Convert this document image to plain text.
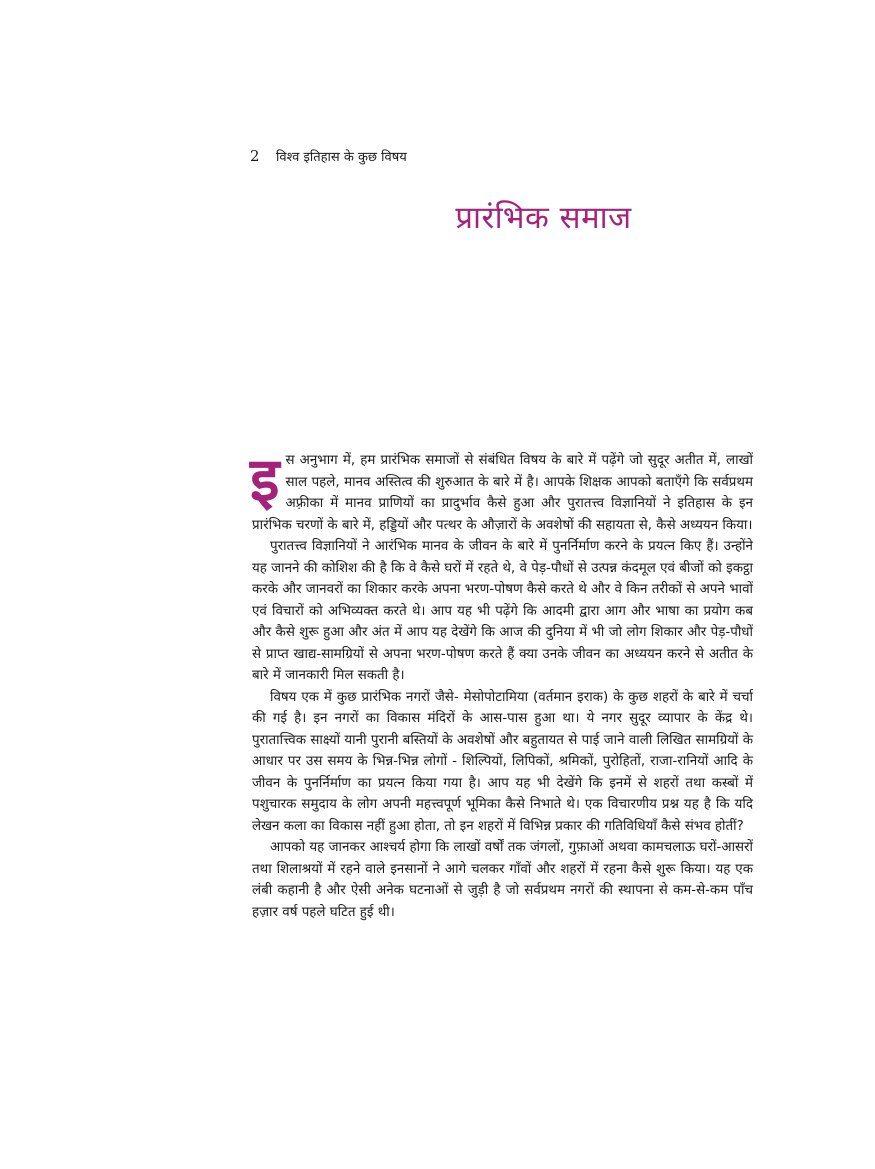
2 विश्व इतिहास के कुछ विषय
प्रारंभिक समाज

इस अनुभाग में, हम प्रारंभिक समाजों से संबंधित विषय के बारे में पढ़ेंगे जो सुदूर अतीत में, लाखों साल पहले, मानव अस्तित्व की शुरुआत के बारे में है। आपके शिक्षक आपको बताएँगे कि सर्वप्रथम अफ़्रीका में मानव प्राणियों का प्रादुर्भाव कैसे हुआ और पुरातत्त्व विज्ञानियों ने इतिहास के इन प्रारंभिक चरणों के बारे में, हड्डियों और पत्थर के औज़ारों के अवशेषों की सहायता से, कैसे अध्ययन किया।

पुरातत्त्व विज्ञानियों ने आरंभिक मानव के जीवन के बारे में पुनर्निर्माण करने के प्रयत्न किए हैं। उन्होंने यह जानने की कोशिश की है कि वे कैसे घरों में रहते थे, वे पेड़-पौधों से उत्पन्न कंदमूल एवं बीजों को इकट्ठा करके और जानवरों का शिकार करके अपना भरण-पोषण कैसे करते थे और वे किन तरीकों से अपने भावों एवं विचारों को अभिव्यक्त करते थे। आप यह भी पढ़ेंगे कि आदमी द्वारा आग और भाषा का प्रयोग कब और कैसे शुरू हुआ और अंत में आप यह देखेंगे कि आज की दुनिया में भी जो लोग शिकार और पेड़-पौधों से प्राप्त खाद्य-सामग्रियों से अपना भरण-पोषण करते हैं क्या उनके जीवन का अध्ययन करने से अतीत के बारे में जानकारी मिल सकती है।

विषय एक में कुछ प्रारंभिक नगरों जैसे- मेसोपोटामिया (वर्तमान इराक) के कुछ शहरों के बारे में चर्चा की गई है। इन नगरों का विकास मंदिरों के आस-पास हुआ था। ये नगर सुदूर व्यापार के केंद्र थे। पुरातात्त्विक साक्ष्यों यानी पुरानी बस्तियों के अवशेषों और बहुतायत से पाई जाने वाली लिखित सामग्रियों के आधार पर उस समय के भिन्न-भिन्न लोगों - शिल्पियों, लिपिकों, श्रमिकों, पुरोहितों, राजा-रानियों आदि के जीवन के पुनर्निर्माण का प्रयत्न किया गया है। आप यह भी देखेंगे कि इनमें से शहरों तथा कस्बों में पशुचारक समुदाय के लोग अपनी महत्त्वपूर्ण भूमिका कैसे निभाते थे। एक विचारणीय प्रश्न यह है कि यदि लेखन कला का विकास नहीं हुआ होता, तो इन शहरों में विभिन्न प्रकार की गतिविधियाँ कैसे संभव होतीं?

आपको यह जानकर आश्चर्य होगा कि लाखों वर्षों तक जंगलों, गुफ़ाओं अथवा कामचलाऊ घरों-आसरों तथा शिलाश्रयों में रहने वाले इनसानों ने आगे चलकर गाँवों और शहरों में रहना कैसे शुरू किया। यह एक लंबी कहानी है और ऐसी अनेक घटनाओं से जुड़ी है जो सर्वप्रथम नगरों की स्थापना से कम-से-कम पाँच हज़ार वर्ष पहले घटित हुई थी।
